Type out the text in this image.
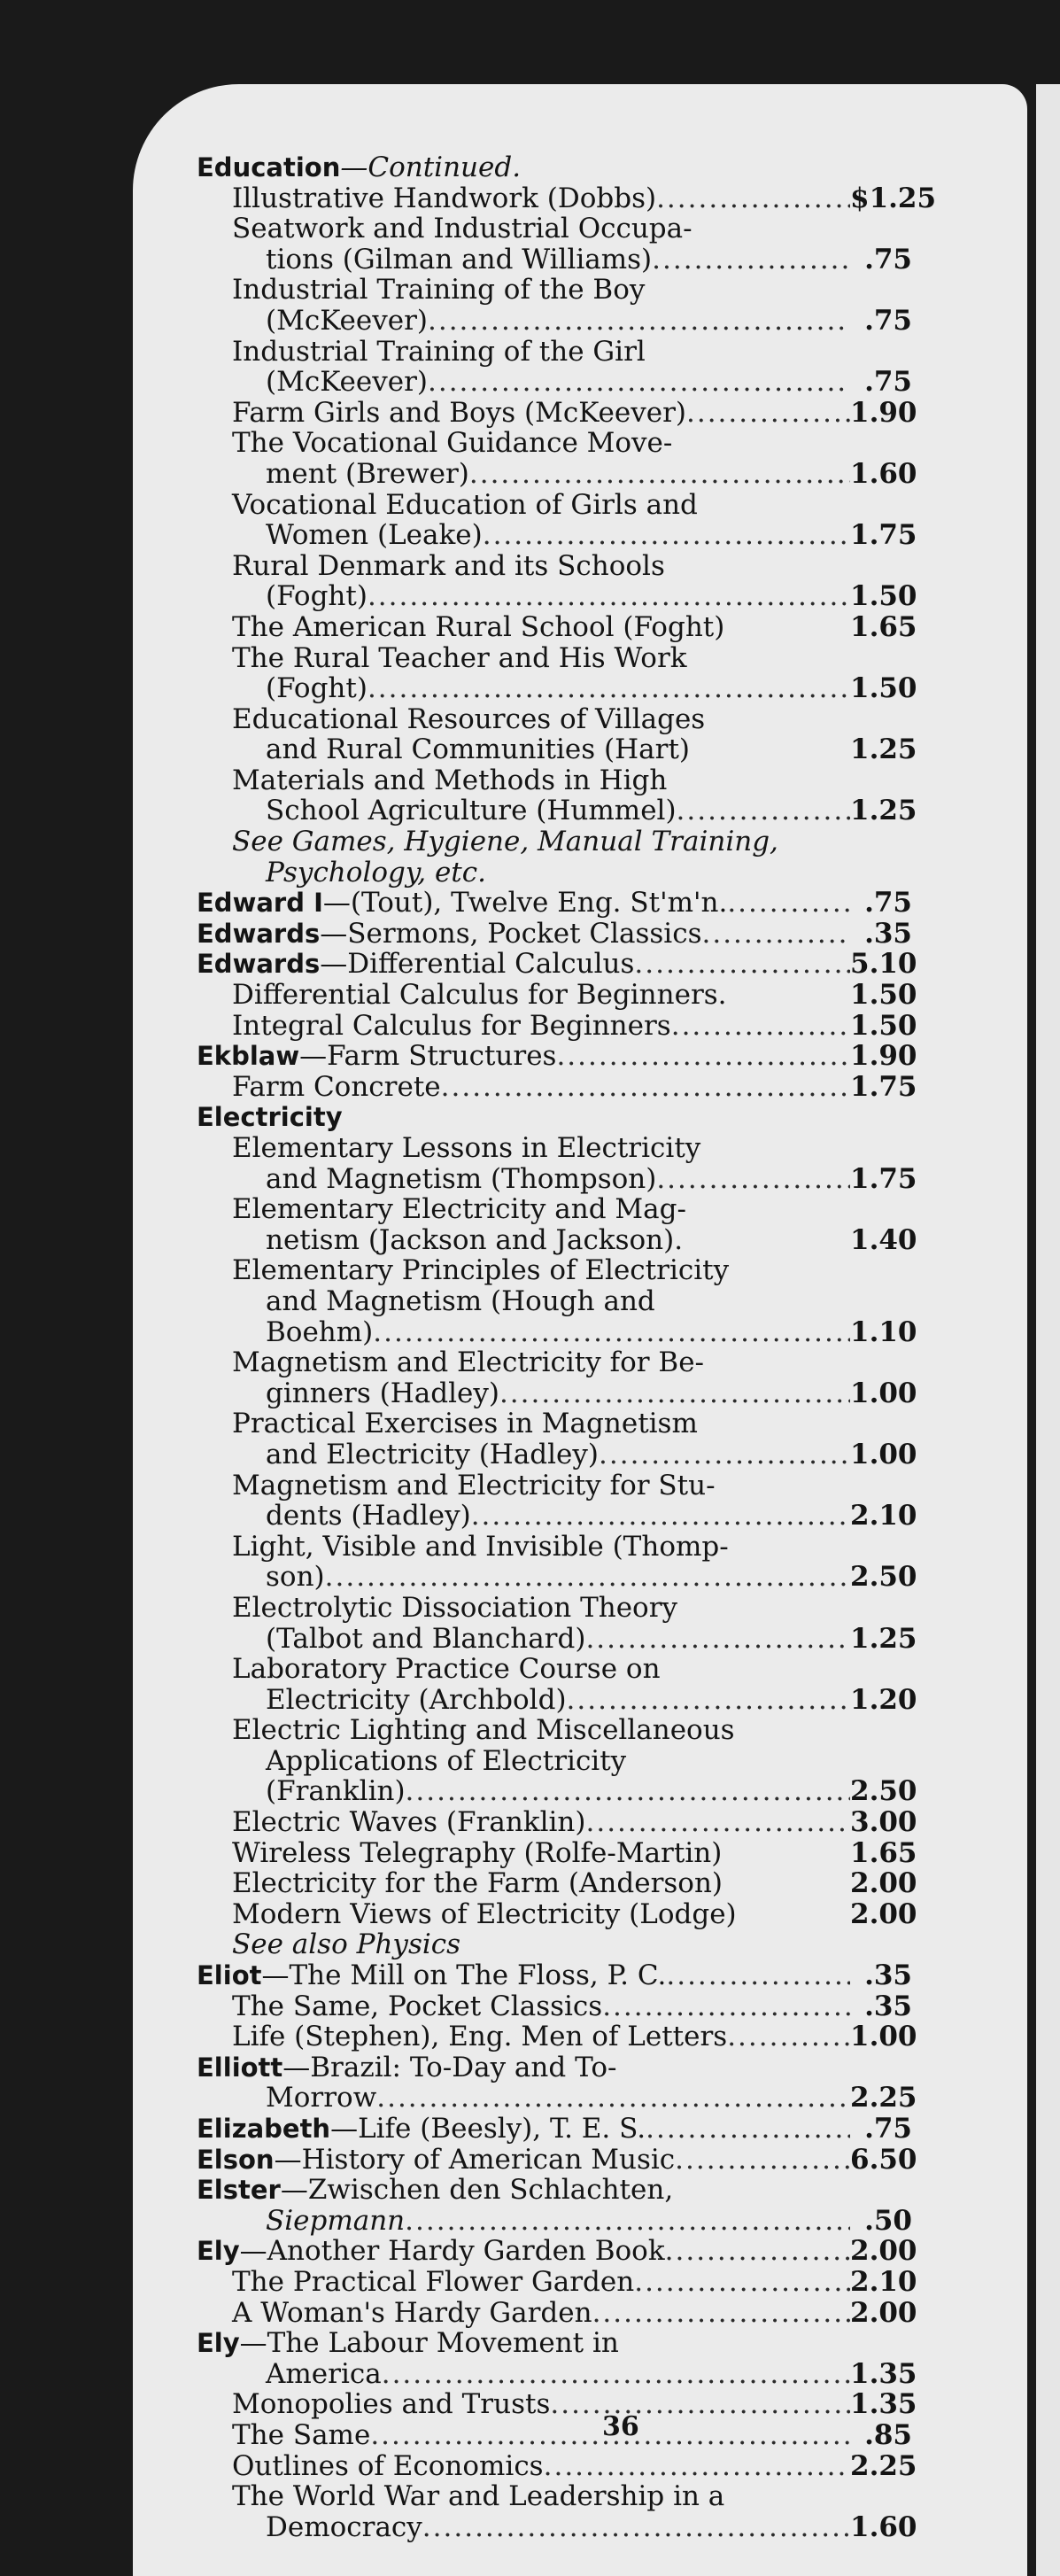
Education—Continued.
Illustrative Handwork (Dobbs) .....	$1.25
Seatwork and Industrial Occupa-
tions (Gilman and Williams) .....	.75
Industrial Training of the Boy
(McKeever) .....	.75
Industrial Training of the Girl
(McKeever) .....	.75
Farm Girls and Boys (McKeever) .....	1.90
The Vocational Guidance Move-
ment (Brewer) .....	1.60
Vocational Education of Girls and
Women (Leake) .....	1.75
Rural Denmark and its Schools
(Foght) .....	1.50
The American Rural School (Foght)	1.65
The Rural Teacher and His Work
(Foght) .....	1.50
Educational Resources of Villages
and Rural Communities (Hart)	1.25
Materials and Methods in High
School Agriculture (Hummel) .....	1.25
See Games, Hygiene, Manual Training,
Psychology, etc.
Edward I—(Tout), Twelve Eng. St'm'n. .....	.75
Edwards—Sermons, Pocket Classics .....	.35
Edwards—Differential Calculus .....	5.10
Differential Calculus for Beginners.	1.50
Integral Calculus for Beginners .....	1.50
Ekblaw—Farm Structures .....	1.90
Farm Concrete .....	1.75
Electricity
Elementary Lessons in Electricity
and Magnetism (Thompson) .....	1.75
Elementary Electricity and Mag-
netism (Jackson and Jackson).	1.40
Elementary Principles of Electricity
and Magnetism (Hough and
Boehm) .....	1.10
Magnetism and Electricity for Be-
ginners (Hadley) .....	1.00
Practical Exercises in Magnetism
and Electricity (Hadley) .....	1.00
Magnetism and Electricity for Stu-
dents (Hadley) .....	2.10
Light, Visible and Invisible (Thomp-
son) .....	2.50
Electrolytic Dissociation Theory
(Talbot and Blanchard) .....	1.25
Laboratory Practice Course on
Electricity (Archbold) .....	1.20
Electric Lighting and Miscellaneous
Applications of Electricity
(Franklin) .....	2.50
Electric Waves (Franklin) .....	3.00
Wireless Telegraphy (Rolfe-Martin)	1.65
Electricity for the Farm (Anderson)	2.00
Modern Views of Electricity (Lodge)	2.00
See also Physics
Eliot—The Mill on The Floss, P. C. .....	.35
The Same, Pocket Classics .....	.35
Life (Stephen), Eng. Men of Letters .....	1.00
Elliott—Brazil: To-Day and To-
Morrow .....	2.25
Elizabeth—Life (Beesly), T. E. S. .....	.75
Elson—History of American Music .....	6.50
Elster—Zwischen den Schlachten,
Siepmann .....	.50
Ely—Another Hardy Garden Book .....	2.00
The Practical Flower Garden .....	2.10
A Woman's Hardy Garden .....	2.00
Ely—The Labour Movement in
America .....	1.35
Monopolies and Trusts .....	1.35
The Same .....	.85
Outlines of Economics .....	2.25
The World War and Leadership in a
Democracy .....	1.60
36
